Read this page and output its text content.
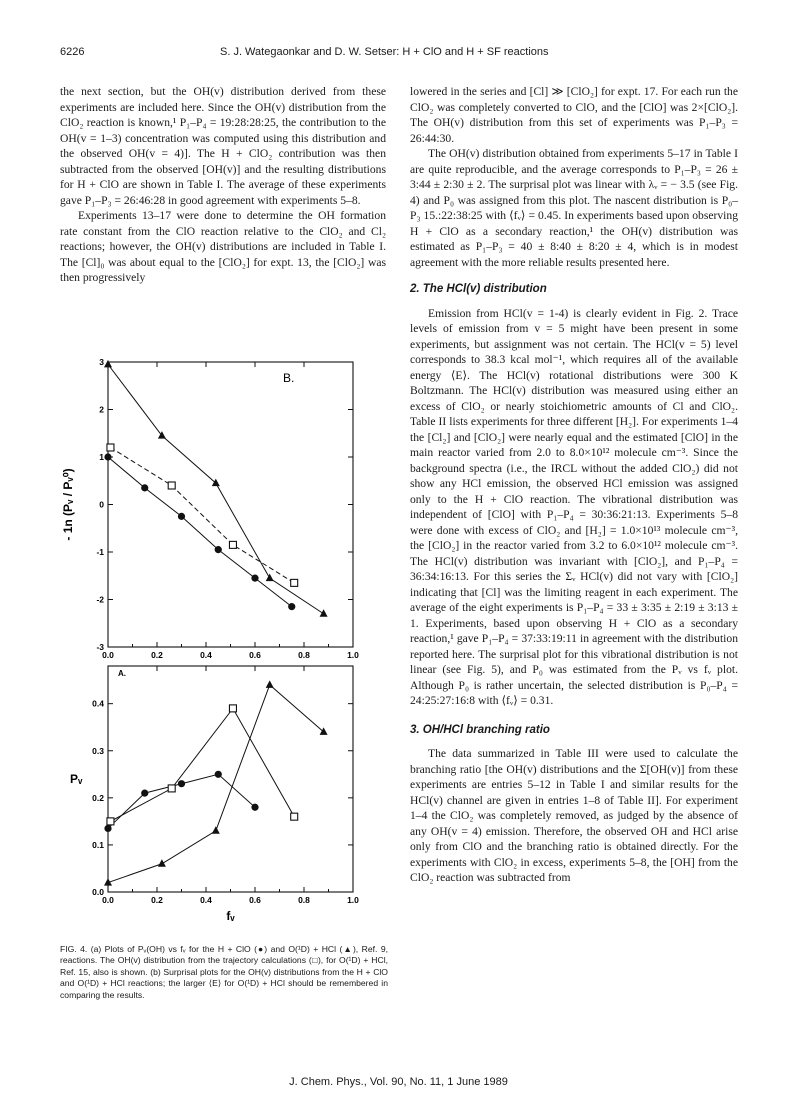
6226	S. J. Wategaonkar and D. W. Setser: H + ClO and H + SF reactions

the next section, but the OH(v) distribution derived from these experiments are included here. Since the OH(v) distribution from the ClO₂ reaction is known,¹ P₁–P₄ = 19:28:28:25, the contribution to the OH(v = 1–3) concentration was computed using this distribution and the observed OH(v = 4)]. The H + ClO₂ contribution was then subtracted from the observed [OH(v)] and the resulting distributions for H + ClO are shown in Table I. The average of these experiments gave P₁–P₃ = 26:46:28 in good agreement with experiments 5–8.

Experiments 13–17 were done to determine the OH formation rate constant from the ClO reaction relative to the ClO₂ and Cl₂ reactions; however, the OH(v) distributions are included in Table I. The [Cl]₀ was about equal to the [ClO₂] for expt. 13, the [ClO₂] was then progressively

0.0	0.2	0.4	0.6	0.8	1.0
3
2
1
0
-1
-2
-3
B.
- 1n (Pᵥ / Pᵥ⁰)
0.0	0.2	0.4	0.6	0.8	1.0
0.4
0.3
0.2
0.1
0.0
A.
Pᵥ
fᵥ
FIG. 4. (a) Plots of Pᵥ(OH) vs fᵥ for the H + ClO (●) and O(¹D) + HCl (▲), Ref. 9, reactions. The OH(v) distribution from the trajectory calculations (□), for O(¹D) + HCl, Ref. 15, also is shown. (b) Surprisal plots for the OH(v) distributions from the H + ClO and O(¹D) + HCl reactions; the larger ⟨E⟩ for O(¹D) + HCl should be remembered in comparing the results.

lowered in the series and [Cl] ≫ [ClO₂] for expt. 17. For each run the ClO₂ was completely converted to ClO, and the [ClO] was 2×[ClO₂]. The OH(v) distribution from this set of experiments was P₁–P₃ = 26:44:30.

The OH(v) distribution obtained from experiments 5–17 in Table I are quite reproducible, and the average corresponds to P₁–P₃ = 26 ± 3:44 ± 2:30 ± 2. The surprisal plot was linear with λᵥ = − 3.5 (see Fig. 4) and P₀ was assigned from this plot. The nascent distribution is P₀–P₃ 15.:22:38:25 with ⟨fᵥ⟩ = 0.45. In experiments based upon observing H + ClO as a secondary reaction,¹ the OH(v) distribution was estimated as P₁–P₃ = 40 ± 8:40 ± 8:20 ± 4, which is in modest agreement with the more reliable results presented here.

2. The HCl(v) distribution

Emission from HCl(v = 1-4) is clearly evident in Fig. 2. Trace levels of emission from v = 5 might have been present in some experiments, but assignment was not certain. The HCl(v = 5) level corresponds to 38.3 kcal mol⁻¹, which requires all of the available energy ⟨E⟩. The HCl(v) rotational distributions were 300 K Boltzmann. The HCl(v) distribution was measured using either an excess of ClO₂ or nearly stoichiometric amounts of Cl and ClO₂. Table II lists experiments for three different [H₂]. For experiments 1–4 the [Cl₂] and [ClO₂] were nearly equal and the estimated [ClO] in the main reactor varied from 2.0 to 8.0×10¹² molecule cm⁻³. Since the background spectra (i.e., the IRCL without the added ClO₂) did not show any HCl emission, the observed HCl emission was assigned only to the H + ClO reaction. The vibrational distribution was independent of [ClO] with P₁–P₄ = 30:36:21:13. Experiments 5–8 were done with excess of ClO₂ and [H₂] = 1.0×10¹³ molecule cm⁻³, the [ClO₂] in the reactor varied from 3.2 to 6.0×10¹² molecule cm⁻³. The HCl(v) distribution was invariant with [ClO₂], and P₁–P₄ = 36:34:16:13. For this series the Σᵥ HCl(v) did not vary with [ClO₂] indicating that [Cl] was the limiting reagent in each experiment. The average of the eight experiments is P₁–P₄ = 33 ± 3:35 ± 2:19 ± 3:13 ± 1. Experiments, based upon observing H + ClO as a secondary reaction,¹ gave P₁–P₄ = 37:33:19:11 in agreement with the distribution reported here. The surprisal plot for this vibrational distribution is not linear (see Fig. 5), and P₀ was estimated from the Pᵥ vs fᵥ plot. Although P₀ is rather uncertain, the selected distribution is P₀–P₄ = 24:25:27:16:8 with ⟨fᵥ⟩ = 0.31.

3. OH/HCl branching ratio

The data summarized in Table III were used to calculate the branching ratio [the OH(v) distributions and the Σ[OH(v)] from these experiments are entries 5–12 in Table I and similar results for the HCl(v) channel are given in entries 1–8 of Table II]. For experiment 1–4 the ClO₂ was completely removed, as judged by the absence of any OH(v = 4) emission. Therefore, the observed OH and HCl arise only from ClO and the branching ratio is obtained directly. For the experiments with ClO₂ in excess, experiments 5–8, the [OH] from the ClO₂ reaction was subtracted from

J. Chem. Phys., Vol. 90, No. 11, 1 June 1989
